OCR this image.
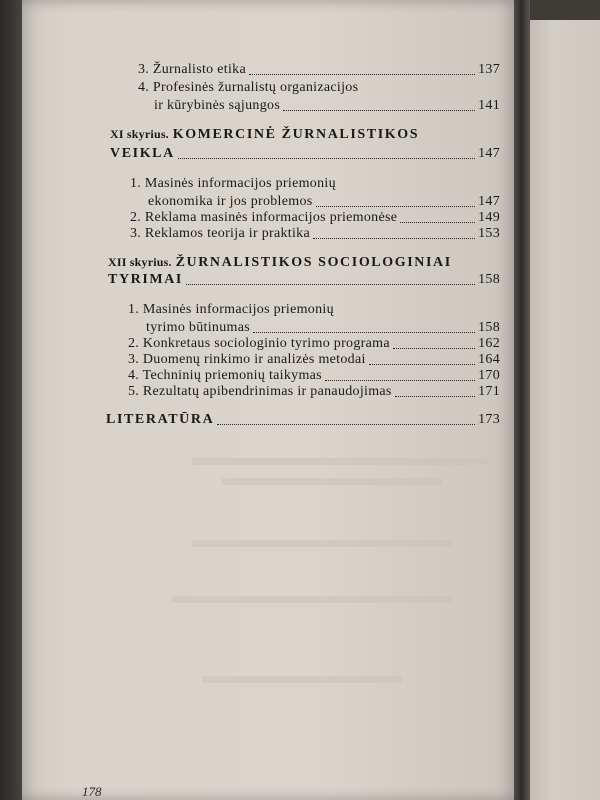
3. Žurnalisto etika	137
4. Profesinės žurnalistų organizacijos
ir kūrybinės sąjungos	141
XI skyrius. KOMERCINĖ ŽURNALISTIKOS
VEIKLA	147
1. Masinės informacijos priemonių
ekonomika ir jos problemos	147
2. Reklama masinės informacijos priemonėse	149
3. Reklamos teorija ir praktika	153
XII skyrius. ŽURNALISTIKOS SOCIOLOGINIAI
TYRIMAI	158
1. Masinės informacijos priemonių
tyrimo būtinumas	158
2. Konkretaus sociologinio tyrimo programa	162
3. Duomenų rinkimo ir analizės metodai	164
4. Techninių priemonių taikymas	170
5. Rezultatų apibendrinimas ir panaudojimas	171
LITERATŪRA	173
178
